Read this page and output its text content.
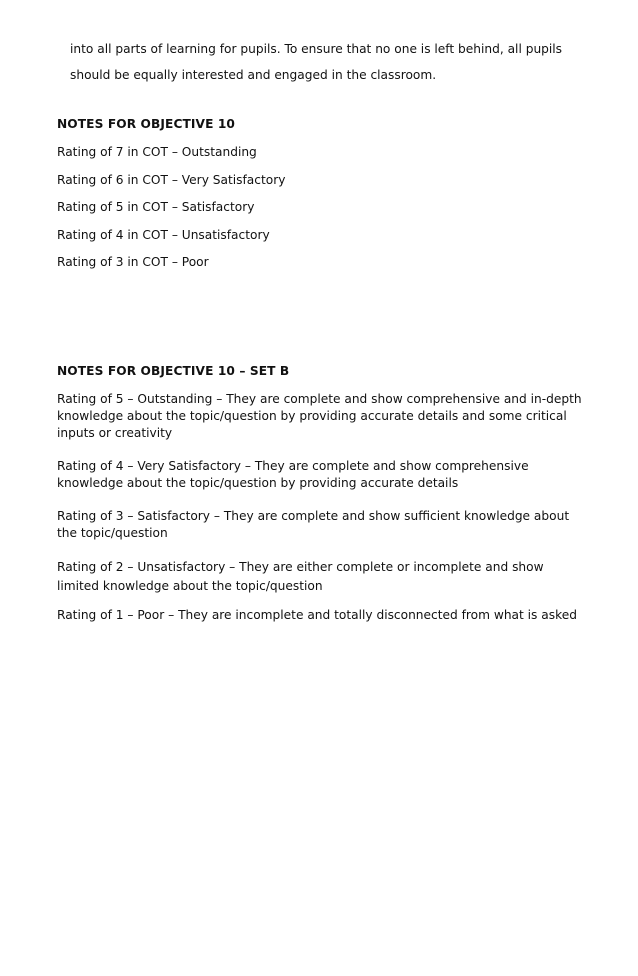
into all parts of learning for pupils. To ensure that no one is left behind, all pupils should be equally interested and engaged in the classroom.

NOTES FOR OBJECTIVE 10
Rating of 7 in COT – Outstanding
Rating of 6 in COT – Very Satisfactory
Rating of 5 in COT – Satisfactory
Rating of 4 in COT – Unsatisfactory
Rating of 3 in COT – Poor
NOTES FOR OBJECTIVE 10 – SET B
Rating of 5 – Outstanding – They are complete and show comprehensive and in-depth knowledge about the topic/question by providing accurate details and some critical inputs or creativity
Rating of 4 – Very Satisfactory – They are complete and show comprehensive knowledge about the topic/question by providing accurate details
Rating of 3 – Satisfactory – They are complete and show sufficient knowledge about the topic/question
Rating of 2 – Unsatisfactory – They are either complete or incomplete and show limited knowledge about the topic/question
Rating of 1 – Poor – They are incomplete and totally disconnected from what is asked
